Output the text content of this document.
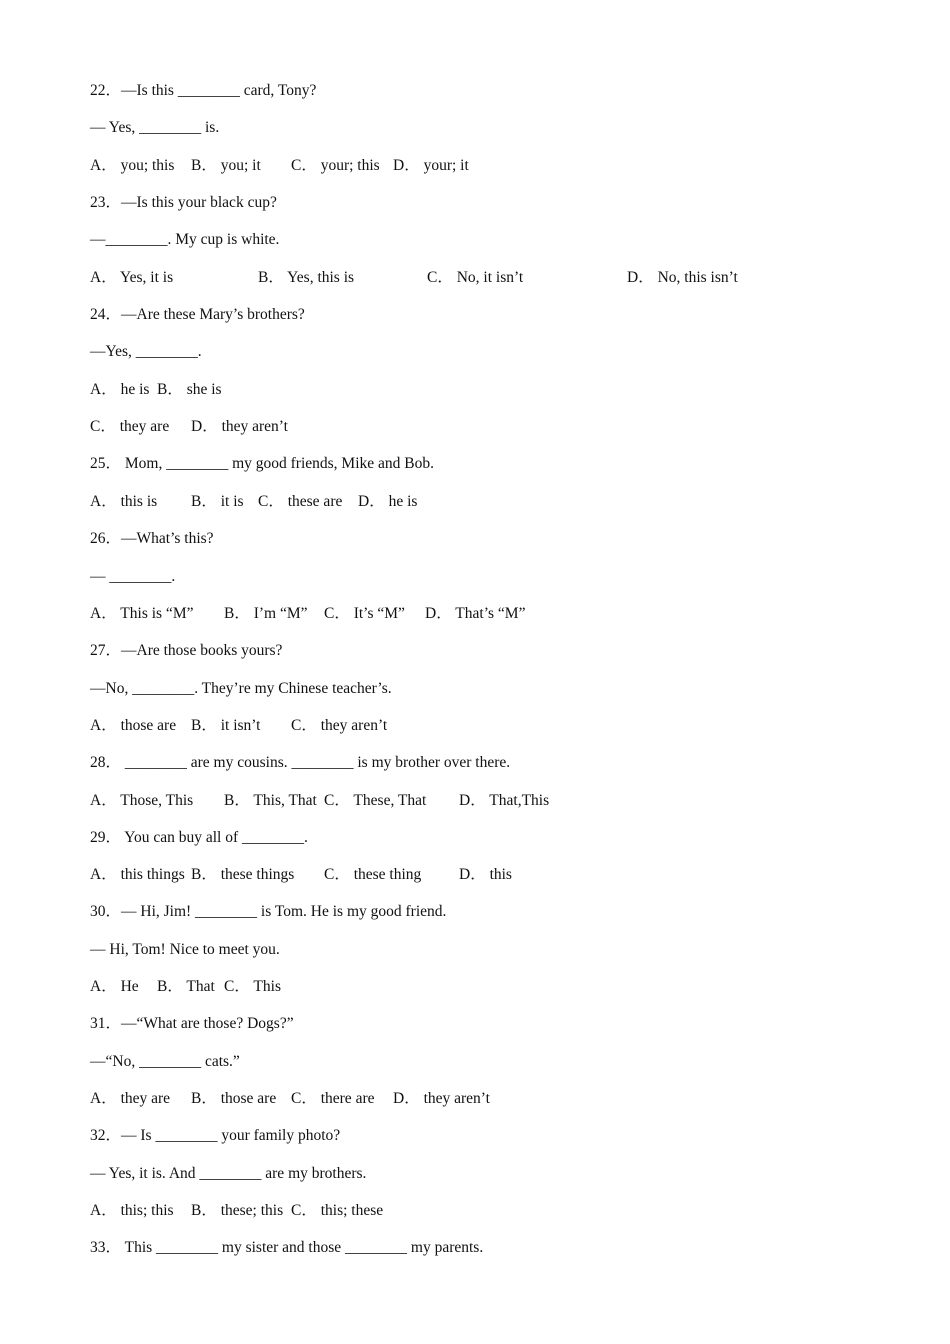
22．—Is this ________ card, Tony?
— Yes, ________ is.
A． you; this B． you; it C． your; this D． your; it
23．—Is this your black cup?
—________. My cup is white.
A． Yes, it is	B． Yes, this is	C． No, it isn’t	D． No, this isn’t
24．—Are these Mary’s brothers?
—Yes, ________.
A． he is B． she is
C． they are D． they aren’t
25． Mom, ________ my good friends, Mike and Bob.
A． this is B． it is C． these are D． he is
26．—What’s this?
— ________.
A． This is “M” B． I’m “M” C． It’s “M” D． That’s “M”
27．—Are those books yours?
—No, ________. They’re my Chinese teacher’s.
A． those are B． it isn’t C． they aren’t
28． ________ are my cousins. ________ is my brother over there.
A． Those, This B． This, That C． These, That D． That,This
29． You can buy all of ________.
A． this things B． these things C． these thing D． this
30．— Hi, Jim! ________ is Tom. He is my good friend.
— Hi, Tom! Nice to meet you.
A． He B． That C． This
31．—“What are those? Dogs?”
—“No, ________ cats.”
A． they are B． those are C． there are D． they aren’t
32．— Is ________ your family photo?
— Yes, it is. And ________ are my brothers.
A． this; this B． these; this C． this; these
33． This ________ my sister and those ________ my parents.
